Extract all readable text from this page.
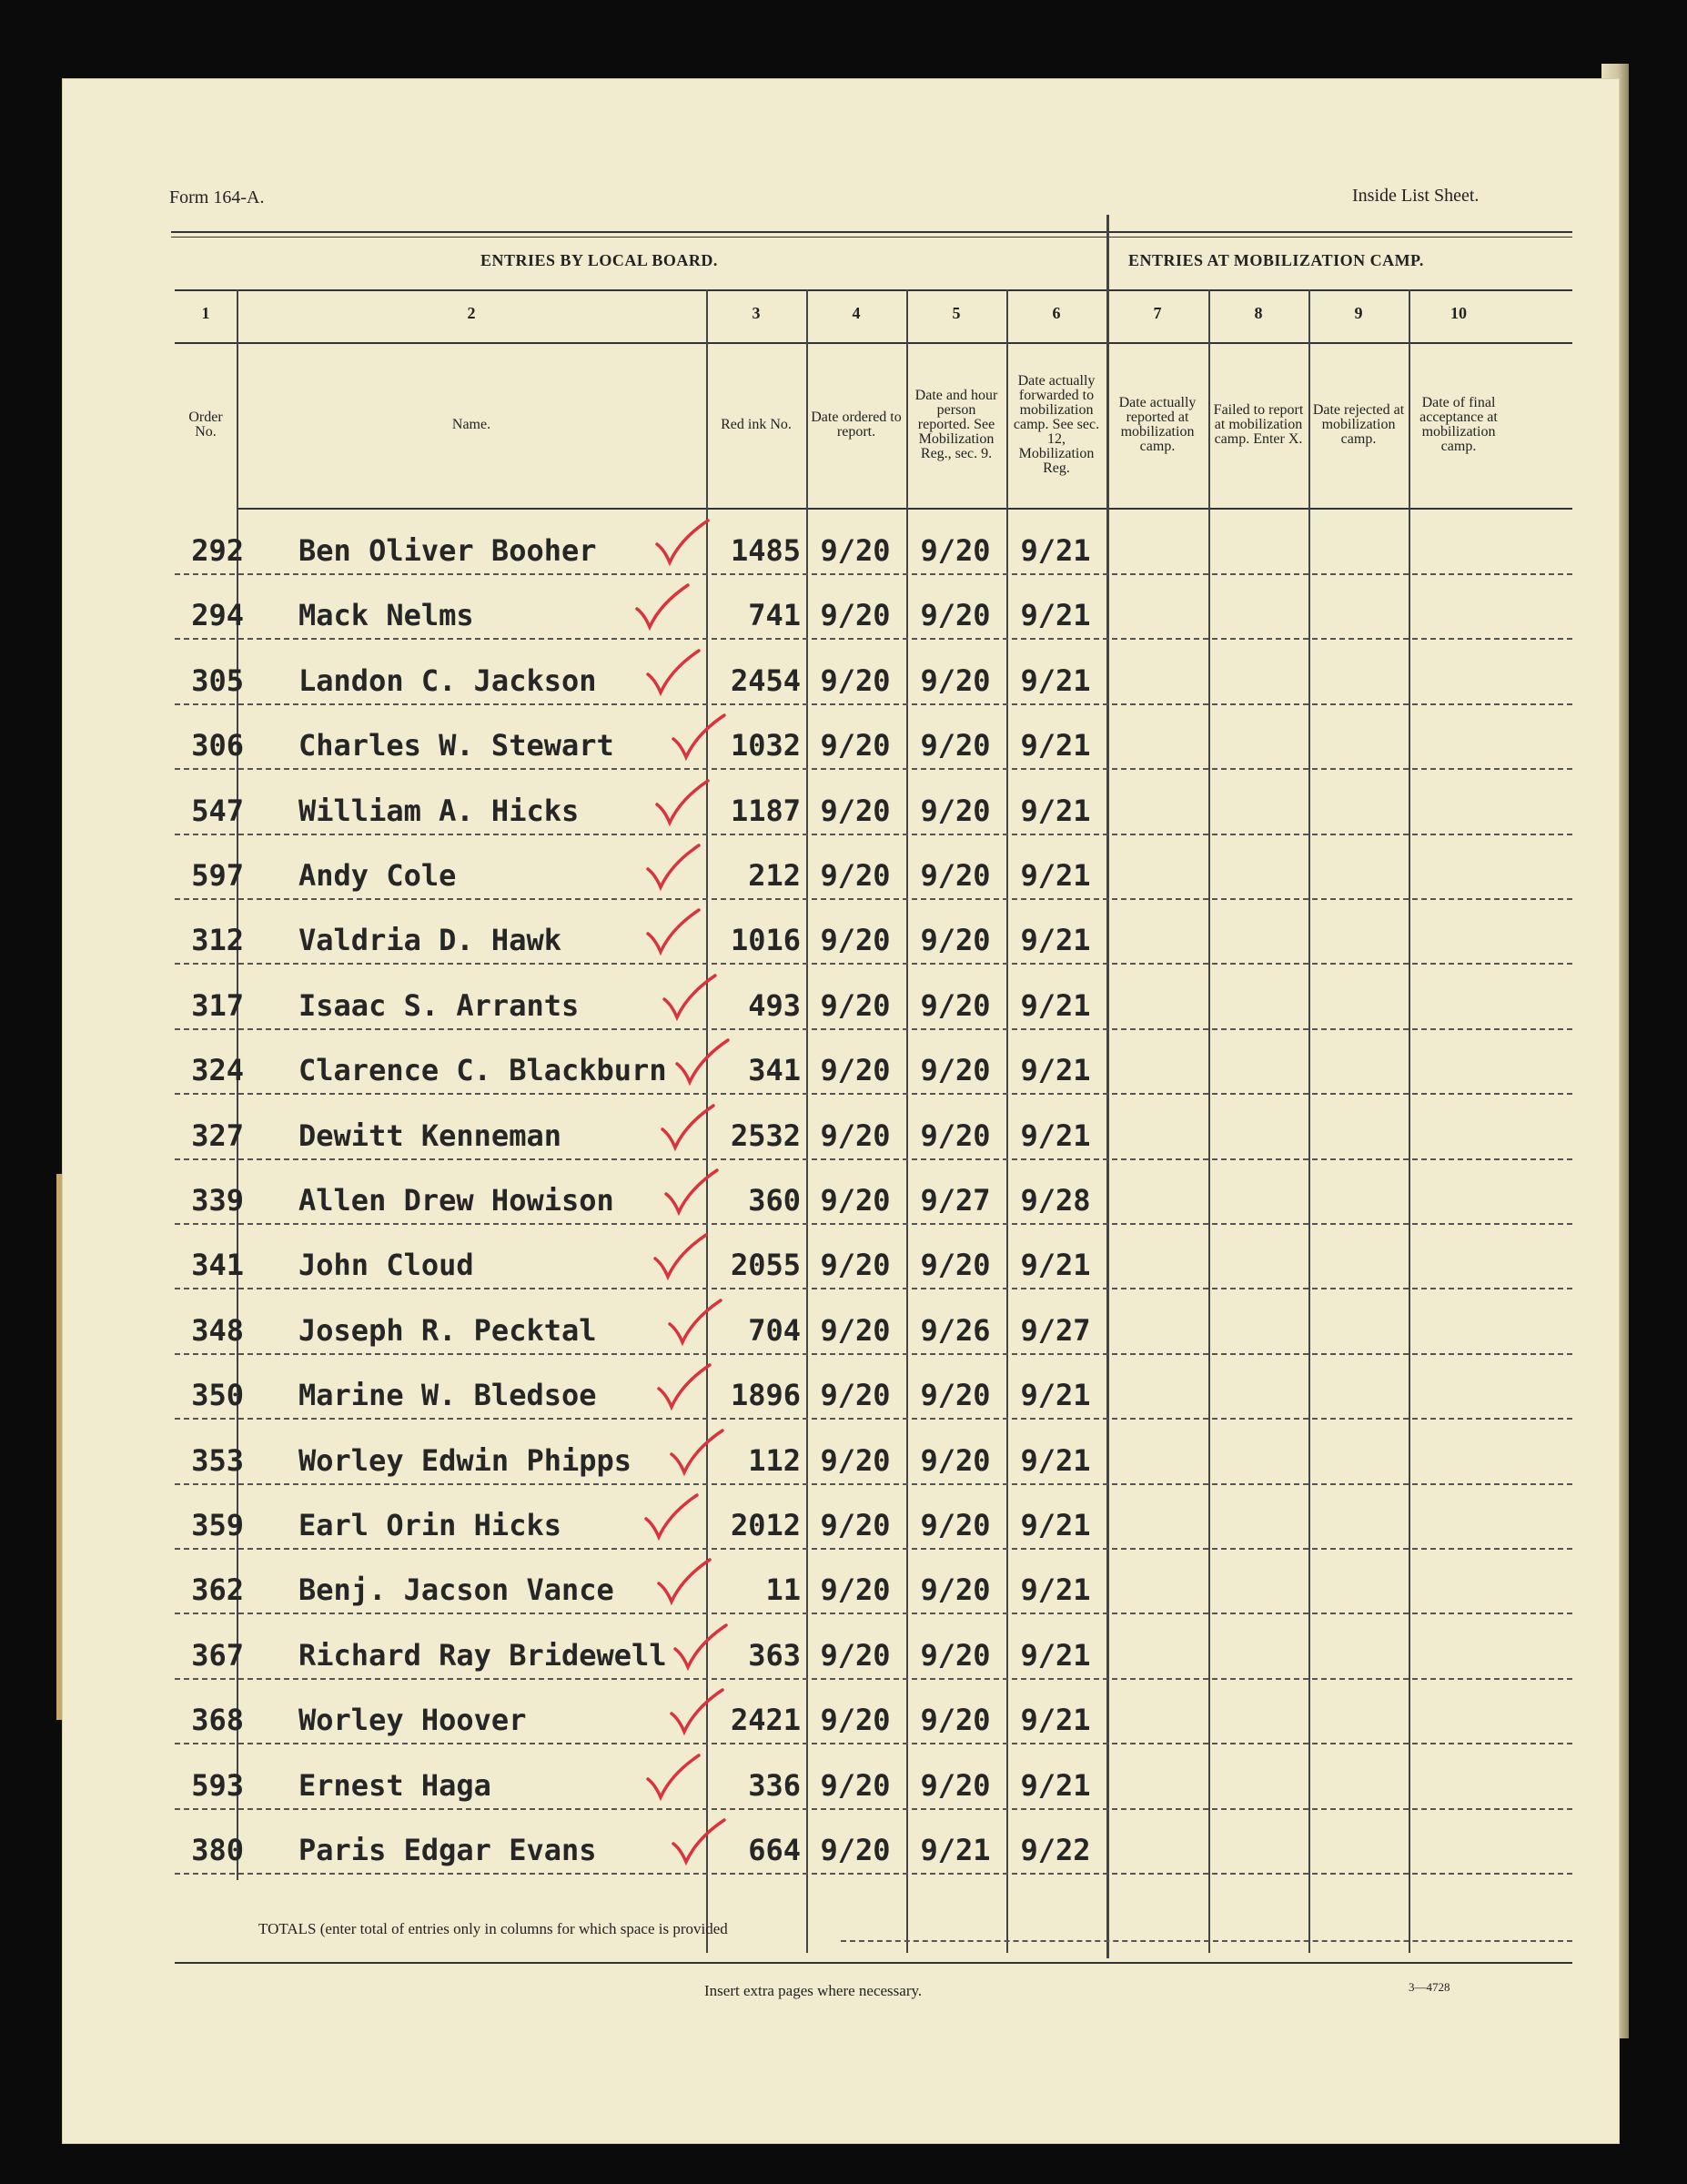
Form 164-A.	Inside List Sheet.
ENTRIES BY LOCAL BOARD.	ENTRIES AT MOBILIZATION CAMP.
1	2	3	4	5	6	7	8	9	10
Order No.	Name.	Red ink No.	Date ordered to report.
Date and hour person reported. See Mobilization Reg., sec. 9.
Date actually forwarded to mobilization camp. See sec. 12, Mobilization Reg.
Date actually reported at mobilization camp.
Failed to report at mobilization camp. Enter X.
Date rejected at mobilization camp.
Date of final acceptance at mobilization camp.
292 Ben Oliver Booher	1485 9/20	9/20	9/21
294 Mack Nelms	741 9/20	9/20	9/21
305 Landon C. Jackson	2454 9/20	9/20	9/21
306 Charles W. Stewart	1032 9/20	9/20	9/21
547 William A. Hicks	1187 9/20	9/20	9/21
597 Andy Cole	212 9/20	9/20	9/21
312 Valdria D. Hawk	1016 9/20	9/20	9/21
317 Isaac S. Arrants	493 9/20	9/20	9/21
324 Clarence C. Blackburn	341 9/20	9/20	9/21
327 Dewitt Kenneman	2532 9/20	9/20	9/21
339 Allen Drew Howison	360 9/20	9/27	9/28
341 John Cloud	2055 9/20	9/20	9/21
348 Joseph R. Pecktal	704 9/20	9/26	9/27
350 Marine W. Bledsoe	1896 9/20	9/20	9/21
353 Worley Edwin Phipps	112 9/20	9/20	9/21
359 Earl Orin Hicks	2012 9/20	9/20	9/21
362 Benj. Jacson Vance	11 9/20	9/20	9/21
367 Richard Ray Bridewell	363 9/20	9/20	9/21
368 Worley Hoover	2421 9/20	9/20	9/21
593 Ernest Haga	336 9/20	9/20	9/21
380 Paris Edgar Evans	664 9/20	9/21	9/22
TOTALS (enter total of entries only in columns for which space is provided
Insert extra pages where necessary.	3—4728
